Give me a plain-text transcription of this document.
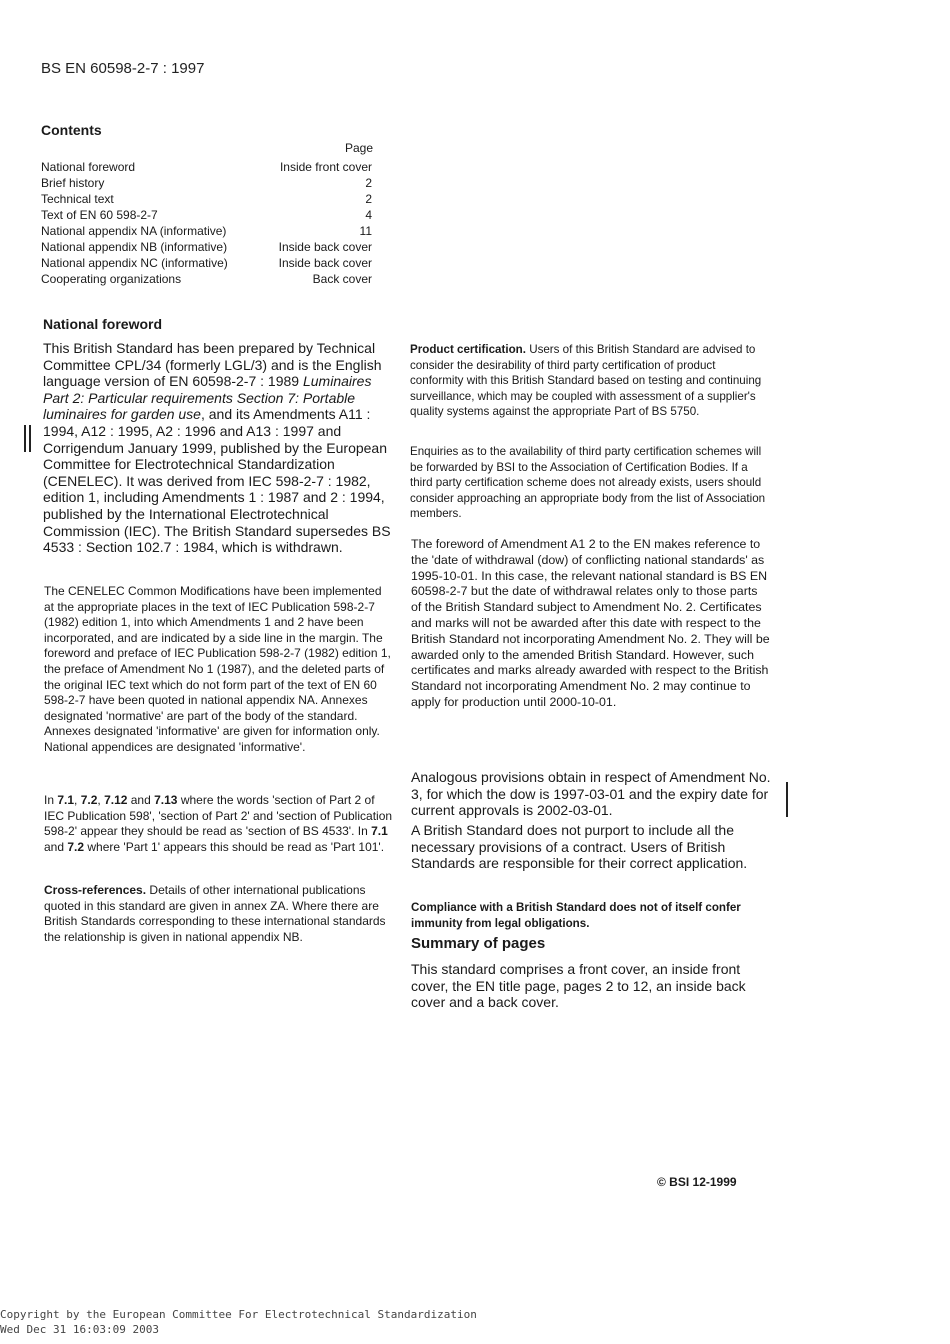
BS EN 60598-2-7 : 1997
Contents
Page
National foreword	Inside front cover
Brief history	2
Technical text	2
Text of EN 60 598-2-7	4
National appendix NA (informative)	11
National appendix NB (informative)	Inside back cover
National appendix NC (informative)	Inside back cover
Cooperating organizations	Back cover
National foreword
This British Standard has been prepared by Technical Committee CPL/34 (formerly LGL/3) and is the English language version of EN 60598-2-7 : 1989 Luminaires Part 2: Particular requirements Section 7: Portable luminaires for garden use, and its Amendments A11 : 1994, A12 : 1995, A2 : 1996 and A13 : 1997 and Corrigendum January 1999, published by the European Committee for Electrotechnical Standardization (CENELEC). It was derived from IEC 598-2-7 : 1982, edition 1, including Amendments 1 : 1987 and 2 : 1994, published by the International Electrotechnical Commission (IEC). The British Standard supersedes BS 4533 : Section 102.7 : 1984, which is withdrawn.
The CENELEC Common Modifications have been implemented at the appropriate places in the text of IEC Publication 598-2-7 (1982) edition 1, into which Amendments 1 and 2 have been incorporated, and are indicated by a side line in the margin. The foreword and preface of IEC Publication 598-2-7 (1982) edition 1, the preface of Amendment No 1 (1987), and the deleted parts of the original IEC text which do not form part of the text of EN 60 598-2-7 have been quoted in national appendix NA. Annexes designated 'normative' are part of the body of the standard. Annexes designated 'informative' are given for information only. National appendices are designated 'informative'.
In 7.1, 7.2, 7.12 and 7.13 where the words 'section of Part 2 of IEC Publication 598', 'section of Part 2' and 'section of Publication 598-2' appear they should be read as 'section of BS 4533'. In 7.1 and 7.2 where 'Part 1' appears this should be read as 'Part 101'.
Cross-references. Details of other international publications quoted in this standard are given in annex ZA. Where there are British Standards corresponding to these international standards the relationship is given in national appendix NB.
Product certification. Users of this British Standard are advised to consider the desirability of third party certification of product conformity with this British Standard based on testing and continuing surveillance, which may be coupled with assessment of a supplier's quality systems against the appropriate Part of BS 5750.
Enquiries as to the availability of third party certification schemes will be forwarded by BSI to the Association of Certification Bodies. If a third party certification scheme does not already exists, users should consider approaching an appropriate body from the list of Association members.
The foreword of Amendment A1 2 to the EN makes reference to the 'date of withdrawal (dow) of conflicting national standards' as 1995-10-01. In this case, the relevant national standard is BS EN 60598-2-7 but the date of withdrawal relates only to those parts of the British Standard subject to Amendment No. 2. Certificates and marks will not be awarded after this date with respect to the British Standard not incorporating Amendment No. 2. They will be awarded only to the amended British Standard. However, such certificates and marks already awarded with respect to the British Standard not incorporating Amendment No. 2 may continue to apply for production until 2000-10-01.
Analogous provisions obtain in respect of Amendment No. 3, for which the dow is 1997-03-01 and the expiry date for current approvals is 2002-03-01.
A British Standard does not purport to include all the necessary provisions of a contract. Users of British Standards are responsible for their correct application.
Compliance with a British Standard does not of itself confer immunity from legal obligations.
Summary of pages
This standard comprises a front cover, an inside front cover, the EN title page, pages 2 to 12, an inside back cover and a back cover.
© BSI 12-1999
Copyright by the European Committee For Electrotechnical Standardization
Wed Dec 31 16:03:09 2003
